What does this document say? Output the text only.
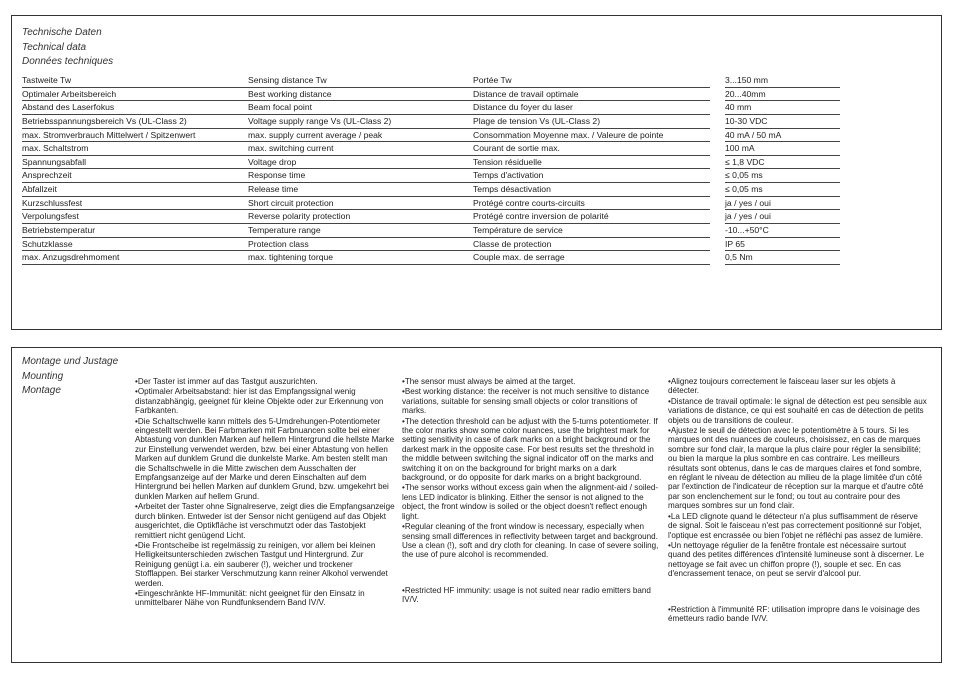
Technische Daten
Technical data
Données techniques
Tastweite Tw	Sensing distance Tw	Portée Tw	3...150 mm
Optimaler Arbeitsbereich	Best working distance	Distance de travail optimale	20...40mm
Abstand des Laserfokus	Beam focal point	Distance du foyer du laser	40 mm
Betriebsspannungsbereich Vs (UL-Class 2)	Voltage supply range Vs (UL-Class 2)	Plage de tension Vs (UL-Class 2)	10-30 VDC
max. Stromverbrauch Mittelwert / Spitzenwert	max. supply current average / peak	Consommation Moyenne max. / Valeure de pointe	40 mA / 50 mA
max. Schaltstrom	max. switching current	Courant de sortie max.	100 mA
Spannungsabfall	Voltage drop	Tension résiduelle	≤ 1,8 VDC
Ansprechzeit	Response time	Temps d'activation	≤ 0,05 ms
Abfallzeit	Release time	Temps désactivation	≤ 0,05 ms
Kurzschlussfest	Short circuit protection	Protégé contre courts-circuits	ja / yes / oui
Verpolungsfest	Reverse polarity protection	Protégé contre inversion de polarité	ja / yes / oui
Betriebstemperatur	Temperature range	Température de service	-10...+50°C
Schutzklasse	Protection class	Classe de protection	IP 65
max. Anzugsdrehmoment	max. tightening torque	Couple max. de serrage	0,5 Nm
Montage und Justage
Mounting
Montage

•Der Taster ist immer auf das Tastgut auszurichten.

•Optimaler Arbeitsabstand: hier ist das Empfangssignal wenig distanzabhängig, geeignet für kleine Objekte oder zur Erkennung von Farbkanten.

•Die Schaltschwelle kann mittels des 5-Umdrehungen-Potentiometer eingestellt werden. Bei Farbmarken mit Farbnuancen sollte bei einer Abtastung von dunklen Marken auf hellem Hintergrund die hellste Marke zur Einstellung verwendet werden, bzw. bei einer Abtastung von hellen Marken auf dunklem Grund die dunkelste Marke. Am besten stellt man die Schaltschwelle in die Mitte zwischen dem Ausschalten der Empfangsanzeige auf der Marke und deren Einschalten auf dem Hintergrund bei hellen Marken auf dunklem Grund, bzw. umgekehrt bei dunklen Marken auf hellem Grund.

•Arbeitet der Taster ohne Signalreserve, zeigt dies die Empfangsanzeige durch blinken. Entweder ist der Sensor nicht genügend auf das Objekt ausgerichtet, die Optikfläche ist verschmutzt oder das Tastobjekt remittiert nicht genügend Licht.

•Die Frontscheibe ist regelmässig zu reinigen, vor allem bei kleinen Helligkeitsunterschieden zwischen Tastgut und Hintergrund. Zur Reinigung genügt i.a. ein sauberer (!), weicher und trockener Stofflappen. Bei starker Verschmutzung kann reiner Alkohol verwendet werden.

•Eingeschränkte HF-Immunität: nicht geeignet für den Einsatz in unmittelbarer Nähe von Rundfunksendern Band IV/V.

•The sensor must always be aimed at the target.

•Best working distance: the receiver is not much sensitive to distance variations, suitable for sensing small objects or color transitions of marks.

•The detection threshold can be adjust with the 5-turns potentiometer. If the color marks show some color nuances, use the brightest mark for setting sensitivity in case of dark marks on a bright background or the darkest mark in the opposite case. For best results set the threshold in the middle between switching the signal indicator off on the marks and switching it on on the background for bright marks on a dark background, or do opposite for dark marks on a bright background.

•The sensor works without excess gain when the alignment-aid / soiled-lens LED indicator is blinking. Either the sensor is not aligned to the object, the front window is soiled or the object doesn't reflect enough light.

•Regular cleaning of the front window is necessary, especially when sensing small differences in reflectivity between target and background. Use a clean (!), soft and dry cloth for cleaning. In case of severe soiling, the use of pure alcohol is recommended.

•Restricted HF immunity: usage is not suited near radio emitters band IV/V.

•Alignez toujours correctement le faisceau laser sur les objets à détecter.

•Distance de travail optimale: le signal de détection est peu sensible aux variations de distance, ce qui est souhaité en cas de détection de petits objets ou de transitions de couleur.

•Ajustez le seuil de détection avec le potentiomètre à 5 tours. Si les marques ont des nuances de couleurs, choisissez, en cas de marques sombre sur fond clair, la marque la plus claire pour régler la sensibilité; ou bien la marque la plus sombre en cas contraire. Les meilleurs résultats sont obtenus, dans le cas de marques claires et fond sombre, en réglant le niveau de détection au milieu de la plage limitée d'un côté par l'extinction de l'indicateur de réception sur la marque et d'autre côté par son enclenchement sur le fond; ou tout au contraire pour des marques sombres sur un fond clair.

•La LED clignote quand le détecteur n'a plus suffisamment de réserve de signal. Soit le faisceau n'est pas correctement positionné sur l'objet, l'optique est encrassée ou bien l'objet ne réfléchi pas assez de lumière.

•Un nettoyage régulier de la fenêtre frontale est nécessaire surtout quand des petites différences d'intensité lumineuse sont à discerner. Le nettoyage se fait avec un chiffon propre (!), souple et sec. En cas d'encrassement tenace, on peut se servir d'alcool pur.

•Restriction à l'immunité RF: utilisation impropre dans le voisinage des émetteurs radio bande IV/V.
